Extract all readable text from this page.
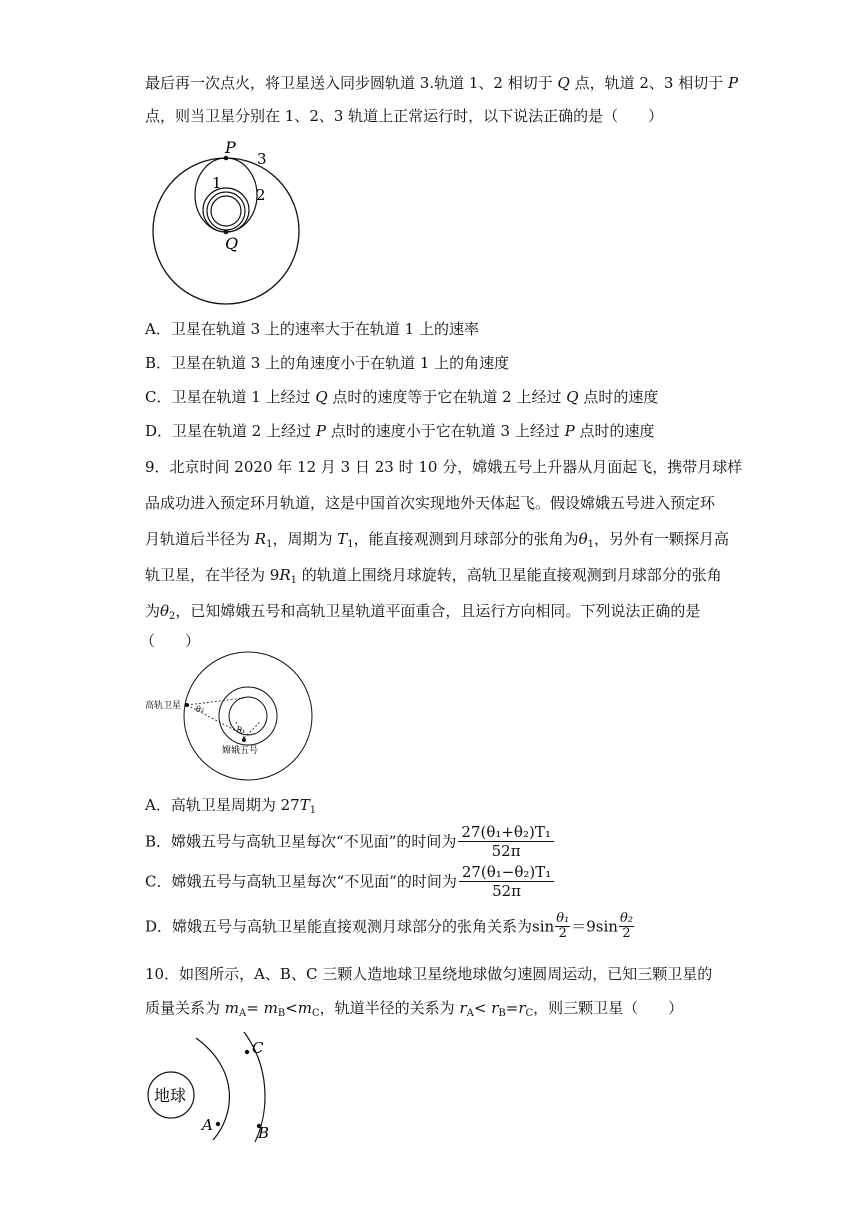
最后再一次点火，将卫星送入同步圆轨道 3.轨道 1、2 相切于 Q 点，轨道 2、3 相切于 P
点，则当卫星分别在 1、2、3 轨道上正常运行时，以下说法正确的是（　　）
P
3
1
2
Q
A．卫星在轨道 3 上的速率大于在轨道 1 上的速率
B．卫星在轨道 3 上的角速度小于在轨道 1 上的角速度
C．卫星在轨道 1 上经过 Q 点时的速度等于它在轨道 2 上经过 Q 点时的速度
D．卫星在轨道 2 上经过 P 点时的速度小于它在轨道 3 上经过 P 点时的速度
9．北京时间 2020 年 12 月 3 日 23 时 10 分，嫦娥五号上升器从月面起飞，携带月球样
品成功进入预定环月轨道，这是中国首次实现地外天体起飞。假设嫦娥五号进入预定环
月轨道后半径为 $R_1$，周期为 $T_1$，能直接观测到月球部分的张角为$\theta_1$，另外有一颗探月高
轨卫星，在半径为 $9R_1$ 的轨道上围绕月球旋转，高轨卫星能直接观测到月球部分的张角
为$\theta_2$，已知嫦娥五号和高轨卫星轨道平面重合，且运行方向相同。下列说法正确的是
（　　）
高轨卫星 θ₂
θ₁
嫦娥五号
A．高轨卫星周期为 $27T_1$
B．嫦娥五号与高轨卫星每次“不见面”的时间为 $\frac{\text{27(θ₁+θ₂)T₁}}{52\pi}$
C．嫦娥五号与高轨卫星每次“不见面”的时间为 $\frac{\text{27(θ₁−θ₂)T₁}}{52\pi}$
D．嫦娥五号与高轨卫星能直接观测月球部分的张角关系为$\sin \frac{\text{θ₁}}{2} =9\sin \frac{\text{θ₂}}{2}$
10．如图所示，A、B、C 三颗人造地球卫星绕地球做匀速圆周运动，已知三颗卫星的
质量关系为 $m_A= m_B<m_C$，轨道半径的关系为 $r_A< r_B=r_C$，则三颗卫星（　　）
地球
A
C
B
